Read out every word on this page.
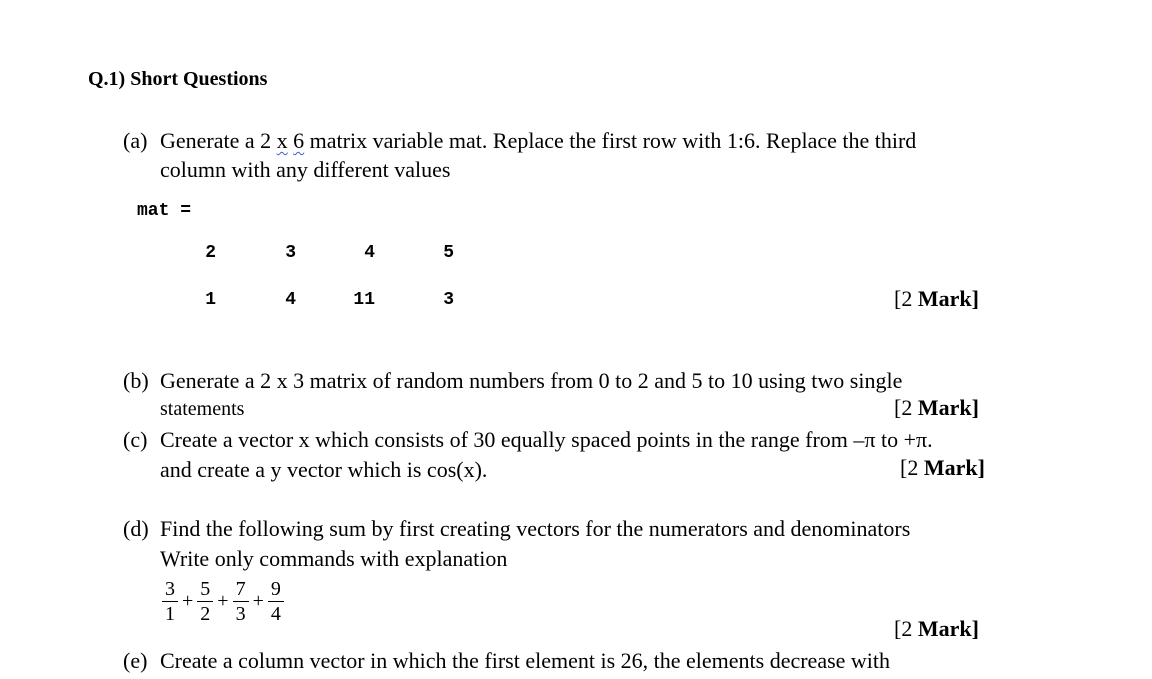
Q.1) Short Questions
(a) Generate a 2 x 6 matrix variable mat. Replace the first row with 1:6. Replace the third
column with any different values
mat =
2	3	4	5
1	4	11	3	[2 Mark]
(b) Generate a 2 x 3 matrix of random numbers from 0 to 2 and 5 to 10 using two single
statements	[2 Mark]
(c) Create a vector x which consists of 30 equally spaced points in the range from –π to +π.
and create a y vector which is cos(x).	[2 Mark]
(d) Find the following sum by first creating vectors for the numerators and denominators
Write only commands with explanation
$\frac{3}{1} + \frac{5}{2} + \frac{7}{3} + \frac{9}{4}$
[2 Mark]
(e) Create a column vector in which the first element is 26, the elements decrease with
